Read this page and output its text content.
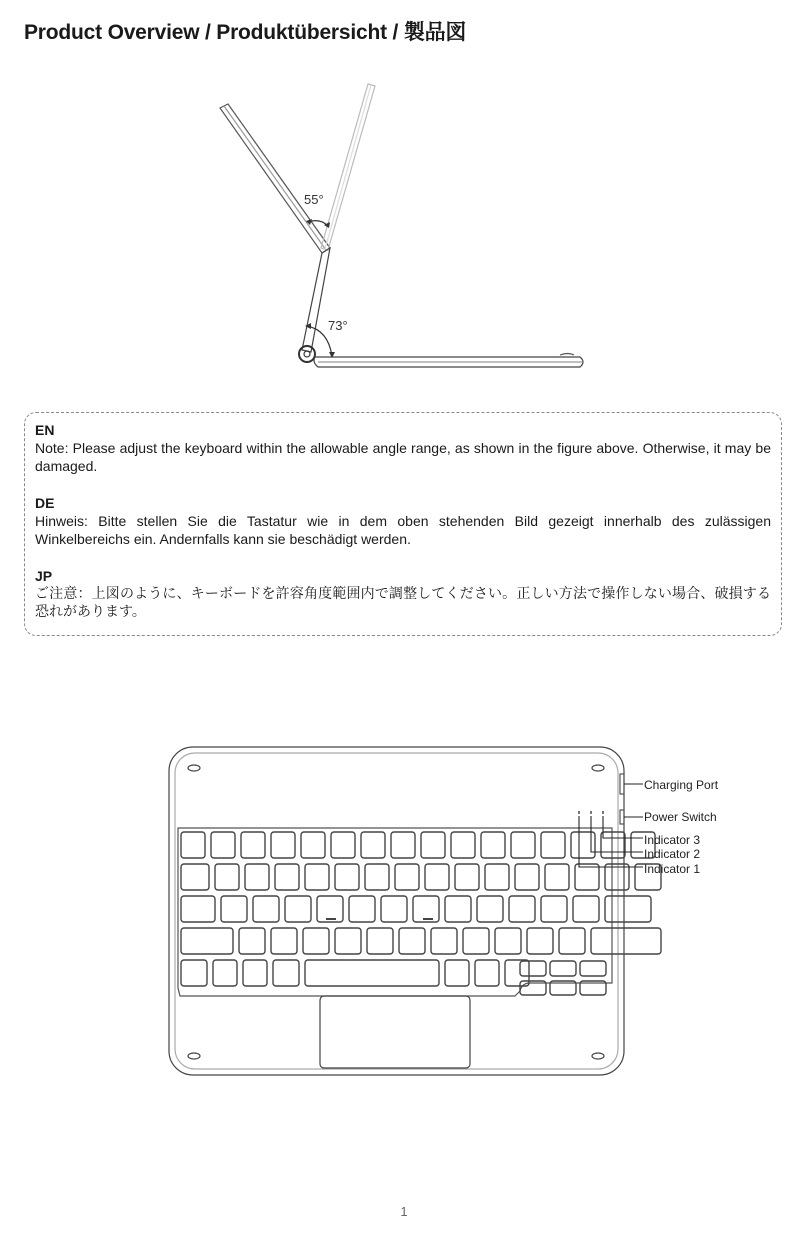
Product Overview / Produktübersicht / 製品図
55°
73°
EN
Note: Please adjust the keyboard within the allowable angle range, as shown in the figure above. Otherwise, it may be damaged.
DE
Hinweis: Bitte stellen Sie die Tastatur wie in dem oben stehenden Bild gezeigt innerhalb des zulässigen Winkelbereichs ein. Andernfalls kann sie beschädigt werden.
JP
ご注意：上図のように、キーボードを許容角度範囲内で調整してください。正しい方法で操作しない場合、破損する恐れがあります。
Charging Port
Power Switch
Indicator 3
Indicator 2
Indicator 1
1
